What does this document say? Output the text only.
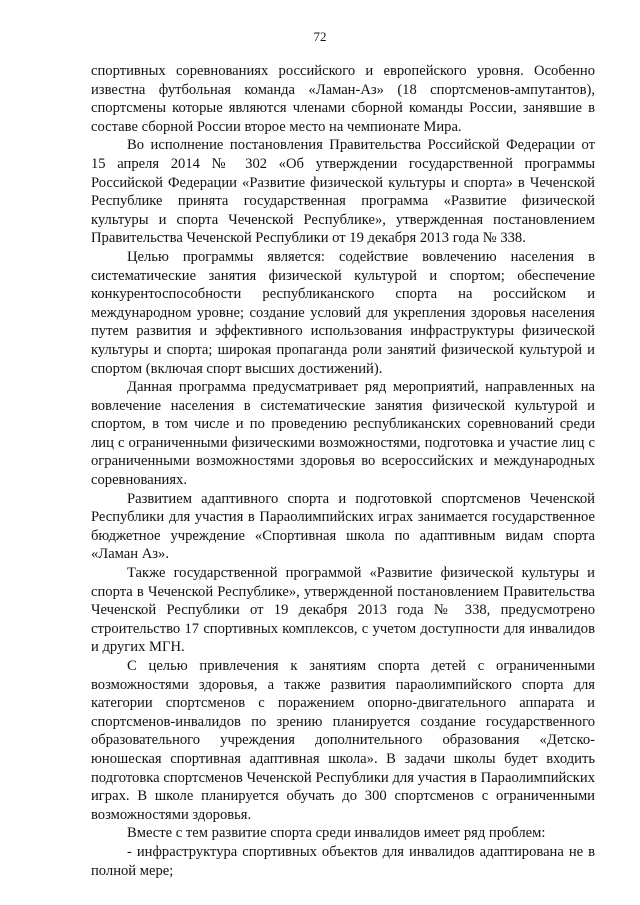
72

спортивных соревнованиях российского и европейского уровня. Особенно известна футбольная команда «Ламан-Аз» (18 спортсменов-ампутантов), спортсмены которые являются членами сборной команды России, занявшие в составе сборной России второе место на чемпионате Мира.

Во исполнение постановления Правительства Российской Федерации от 15 апреля 2014 № 302 «Об утверждении государственной программы Российской Федерации «Развитие физической культуры и спорта» в Чеченской Республике принята государственная программа «Развитие физической культуры и спорта Чеченской Республике», утвержденная постановлением Правительства Чеченской Республики от 19 декабря 2013 года № 338.

Целью программы является: содействие вовлечению населения в систематические занятия физической культурой и спортом; обеспечение конкурентоспособности республиканского спорта на российском и международном уровне; создание условий для укрепления здоровья населения путем развития и эффективного использования инфраструктуры физической культуры и спорта; широкая пропаганда роли занятий физической культурой и спортом (включая спорт высших достижений).

Данная программа предусматривает ряд мероприятий, направленных на вовлечение населения в систематические занятия физической культурой и спортом, в том числе и по проведению республиканских соревнований среди лиц с ограниченными физическими возможностями, подготовка и участие лиц с ограниченными возможностями здоровья во всероссийских и международных соревнованиях.

Развитием адаптивного спорта и подготовкой спортсменов Чеченской Республики для участия в Параолимпийских играх занимается государственное бюджетное учреждение «Спортивная школа по адаптивным видам спорта «Ламан Аз».

Также государственной программой «Развитие физической культуры и спорта в Чеченской Республике», утвержденной постановлением Правительства Чеченской Республики от 19 декабря 2013 года № 338, предусмотрено строительство 17 спортивных комплексов, с учетом доступности для инвалидов и других МГН.

С целью привлечения к занятиям спорта детей с ограниченными возможностями здоровья, а также развития параолимпийского спорта для категории спортсменов с поражением опорно-двигательного аппарата и спортсменов-инвалидов по зрению планируется создание государственного образовательного учреждения дополнительного образования «Детско-юношеская спортивная адаптивная школа». В задачи школы будет входить подготовка спортсменов Чеченской Республики для участия в Параолимпийских играх. В школе планируется обучать до 300 спортсменов с ограниченными возможностями здоровья.

Вместе с тем развитие спорта среди инвалидов имеет ряд проблем:

- инфраструктура спортивных объектов для инвалидов адаптирована не в полной мере;
